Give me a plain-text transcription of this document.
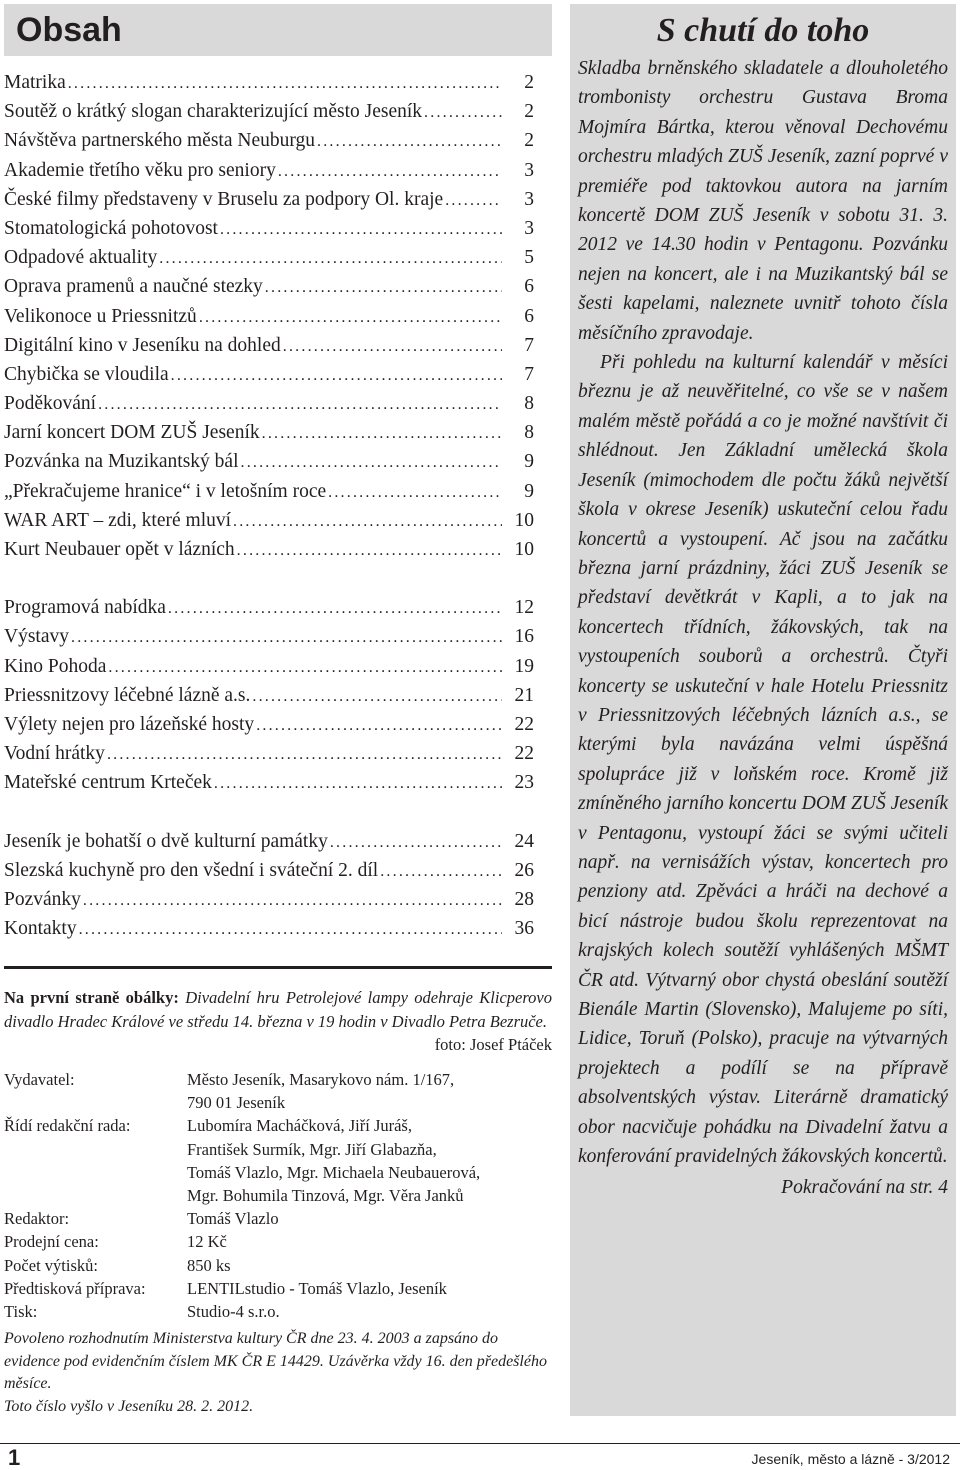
Obsah
Matrika .....	2
Soutěž o krátký slogan charakterizující město Jeseník .....	2
Návštěva partnerského města Neuburgu .....	2
Akademie třetího věku pro seniory .....	3
České filmy představeny v Bruselu za podpory Ol. kraje .....	3
Stomatologická pohotovost .....	3
Odpadové aktuality .....	5
Oprava pramenů a naučné stezky .....	6
Velikonoce u Priessnitzů .....	6
Digitální kino v Jeseníku na dohled .....	7
Chybička se vloudila .....	7
Poděkování .....	8
Jarní koncert DOM ZUŠ Jeseník .....	8
Pozvánka na Muzikantský bál .....	9
„Překračujeme hranice“ i v letošním roce .....	9
WAR ART – zdi, které mluví .....	10
Kurt Neubauer opět v lázních .....	10
Programová nabídka .....	12
Výstavy .....	16
Kino Pohoda .....	19
Priessnitzovy léčebné lázně a.s. .....	21
Výlety nejen pro lázeňské hosty .....	22
Vodní hrátky .....	22
Mateřské centrum Krteček .....	23
Jeseník je bohatší o dvě kulturní památky .....	24
Slezská kuchyně pro den všední i sváteční 2. díl .....	26
Pozvánky .....	28
Kontakty .....	36
Na první straně obálky: Divadelní hru Petrolejové lampy odehraje Klicperovo divadlo Hradec Králové ve středu 14. března v 19 hodin v Divadlo Petra Bezruče.
foto: Josef Ptáček
Vydavatel:	Město Jeseník, Masarykovo nám. 1/167,
790 01 Jeseník
Řídí redakční rada:	Lubomíra Macháčková, Jiří Juráš,
František Surmík, Mgr. Jiří Glabazňa,
Tomáš Vlazlo, Mgr. Michaela Neubauerová,
Mgr. Bohumila Tinzová, Mgr. Věra Janků
Redaktor:	Tomáš Vlazlo
Prodejní cena:	12 Kč
Počet výtisků:	850 ks
Předtisková příprava:	LENTILstudio - Tomáš Vlazlo, Jeseník
Tisk:	Studio-4 s.r.o.
Povoleno rozhodnutím Ministerstva kultury ČR dne 23. 4. 2003 a zapsáno do evidence pod evidenčním číslem MK ČR E 14429. Uzávěrka vždy 16. den předešlého měsíce.
Toto číslo vyšlo v Jeseníku 28. 2. 2012.
S chutí do toho

Skladba brněnského skladatele a dlouholetého trombonisty orchestru Gustava Broma Mojmíra Bártka, kterou věnoval Dechovému orchestru mladých ZUŠ Jeseník, zazní poprvé v premiéře pod taktovkou autora na jarním koncertě DOM ZUŠ Jeseník v sobotu 31. 3. 2012 ve 14.30 hodin v Pentagonu. Pozvánku nejen na koncert, ale i na Muzikantský bál se šesti kapelami, naleznete uvnitř tohoto čísla měsíčního zpravodaje.

Při pohledu na kulturní kalendář v měsíci březnu je až neuvěřitelné, co vše se v našem malém městě pořádá a co je možné navštívit či shlédnout. Jen Základní umělecká škola Jeseník (mimochodem dle počtu žáků největší škola v okrese Jeseník) uskuteční celou řadu koncertů a vystoupení. Ač jsou na začátku března jarní prázdniny, žáci ZUŠ Jeseník se představí devětkrát v Kapli, a to jak na koncertech třídních, žákovských, tak na vystoupeních souborů a orchestrů. Čtyři koncerty se uskuteční v hale Hotelu Priessnitz v Priessnitzových léčebných lázních a.s., se kterými byla navázána velmi úspěšná spolupráce již v loňském roce. Kromě již zmíněného jarního koncertu DOM ZUŠ Jeseník v Pentagonu, vystoupí žáci se svými učiteli např. na vernisážích výstav, koncertech pro penziony atd. Zpěváci a hráči na dechové a bicí nástroje budou školu reprezentovat na krajských kolech soutěží vyhlášených MŠMT ČR atd. Výtvarný obor chystá obeslání soutěží Bienále Martin (Slovensko), Malujeme po síti, Lidice, Toruň (Polsko), pracuje na výtvarných projektech a podílí se na přípravě absolventských výstav. Literárně dramatický obor nacvičuje pohádku na Divadelní žatvu a konferování pravidelných žákovských koncertů.

Pokračování na str. 4
1	Jeseník, město a lázně - 3/2012
